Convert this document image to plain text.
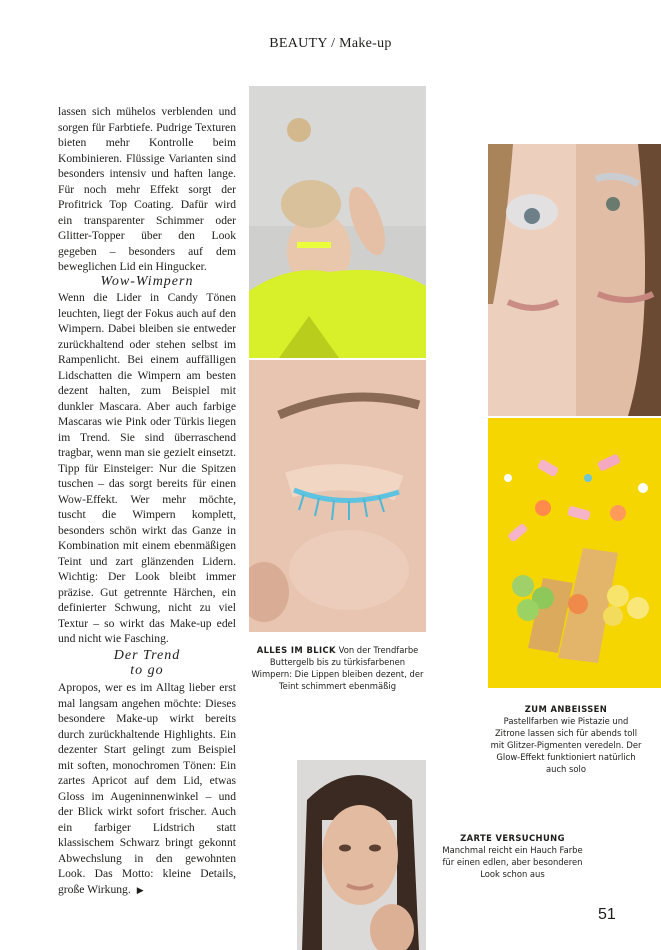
BEAUTY / Make-up

lassen sich mühelos verblenden und sorgen für Farbtiefe. Pudrige Texturen bieten mehr Kontrolle beim Kombinieren. Flüssige Varianten sind besonders intensiv und haften lange. Für noch mehr Effekt sorgt der Profitrick Top Coating. Dafür wird ein transparenter Schimmer oder Glitter-Topper über den Look gegeben – besonders auf dem beweglichen Lid ein Hingucker.

Wow-Wimpern

Wenn die Lider in Candy Tönen leuchten, liegt der Fokus auch auf den Wimpern. Dabei bleiben sie entweder zurückhaltend oder stehen selbst im Rampenlicht. Bei einem auffälligen Lidschatten die Wimpern am besten dezent halten, zum Beispiel mit dunkler Mascara. Aber auch farbige Mascaras wie Pink oder Türkis liegen im Trend. Sie sind überraschend tragbar, wenn man sie gezielt einsetzt. Tipp für Einsteiger: Nur die Spitzen tuschen – das sorgt bereits für einen Wow-Effekt. Wer mehr möchte, tuscht die Wimpern komplett, besonders schön wirkt das Ganze in Kombination mit einem ebenmäßigen Teint und zart glänzenden Lidern. Wichtig: Der Look bleibt immer präzise. Gut getrennte Härchen, ein definierter Schwung, nicht zu viel Textur – so wirkt das Make-up edel und nicht wie Fasching.

Der Trend
to go

Apropos, wer es im Alltag lieber erst mal langsam angehen möchte: Dieses besondere Make-up wirkt bereits durch zurückhaltende Highlights. Ein dezenter Start gelingt zum Beispiel mit soften, monochromen Tönen: Ein zartes Apricot auf dem Lid, etwas Gloss im Augeninnenwinkel – und der Blick wirkt sofort frischer. Auch ein farbiger Lidstrich statt klassischem Schwarz bringt gekonnt Abwechslung in den gewohnten Look. Das Motto: kleine Details, große Wirkung. ▶

ALLES IM BLICK Von der Trendfarbe Buttergelb bis zu türkisfarbenen Wimpern: Die Lippen bleiben dezent, der Teint schimmert ebenmäßig
ZUM ANBEISSEN
Pastellfarben wie Pistazie und Zitrone lassen sich für abends toll mit Glitzer-Pigmenten veredeln. Der Glow-Effekt funktioniert natürlich auch solo
ZARTE VERSUCHUNG
Manchmal reicht ein Hauch Farbe für einen edlen, aber besonderen Look schon aus
51
